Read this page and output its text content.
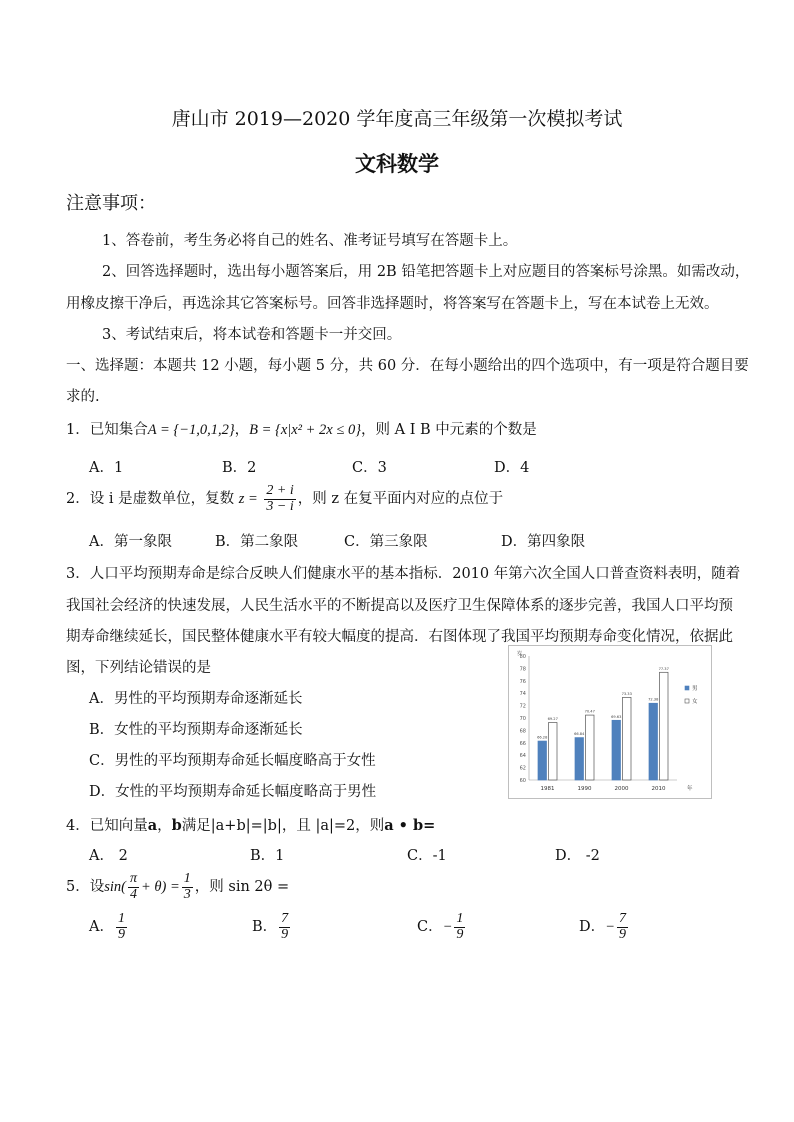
唐山市 2019—2020 学年度高三年级第一次模拟考试
文科数学
注意事项：
1、答卷前，考生务必将自己的姓名、准考证号填写在答题卡上。
2、回答选择题时，选出每小题答案后，用 2B 铅笔把答题卡上对应题目的答案标号涂黑。如需改动，
用橡皮擦干净后，再选涂其它答案标号。回答非选择题时，将答案写在答题卡上，写在本试卷上无效。
3、考试结束后，将本试卷和答题卡一并交回。
一、选择题：本题共 12 小题，每小题 5 分，共 60 分．在每小题给出的四个选项中，有一项是符合题目要
求的.
1．已知集合A = {−1,0,1,2}，B = {x|x² + 2x ≤ 0}，则 A I B 中元素的个数是
A．1	B．2	C．3	D．4
2．设 i 是虚数单位，复数 $z = \frac{2 + i}{3 - i}$ ，则 z 在复平面内对应的点位于
A．第一象限	B．第二象限	C．第三象限	D．第四象限
3．人口平均预期寿命是综合反映人们健康水平的基本指标．2010 年第六次全国人口普查资料表明，随着
我国社会经济的快速发展，人民生活水平的不断提高以及医疗卫生保障体系的逐步完善，我国人口平均预
期寿命继续延长，国民整体健康水平有较大幅度的提高．右图体现了我国平均预期寿命变化情况，依据此
图，下列结论错误的是
A．男性的平均预期寿命逐渐延长
B．女性的平均预期寿命逐渐延长
C．男性的平均预期寿命延长幅度略高于女性
D．女性的平均预期寿命延长幅度略高于男性
岁
60
62
64
66
68
70
72
74
76
78
80
66.28
69.27
1981
66.84
70.47
1990
69.63
73.33
2000
72.38
77.37
2010	年
男
女
4．已知向量a，b满足|a+b|=|b|，且 |a|=2，则a • b=
A． 2	B．1	C．-1	D． -2
5．设$\sin( \frac{\pi}{4} + \theta) = \frac{1}{3}$ ，则 sin 2θ =
A． $\frac{1}{9}$	B． $\frac{7}{9}$	C．− $\frac{1}{9}$	D．− $\frac{7}{9}$
